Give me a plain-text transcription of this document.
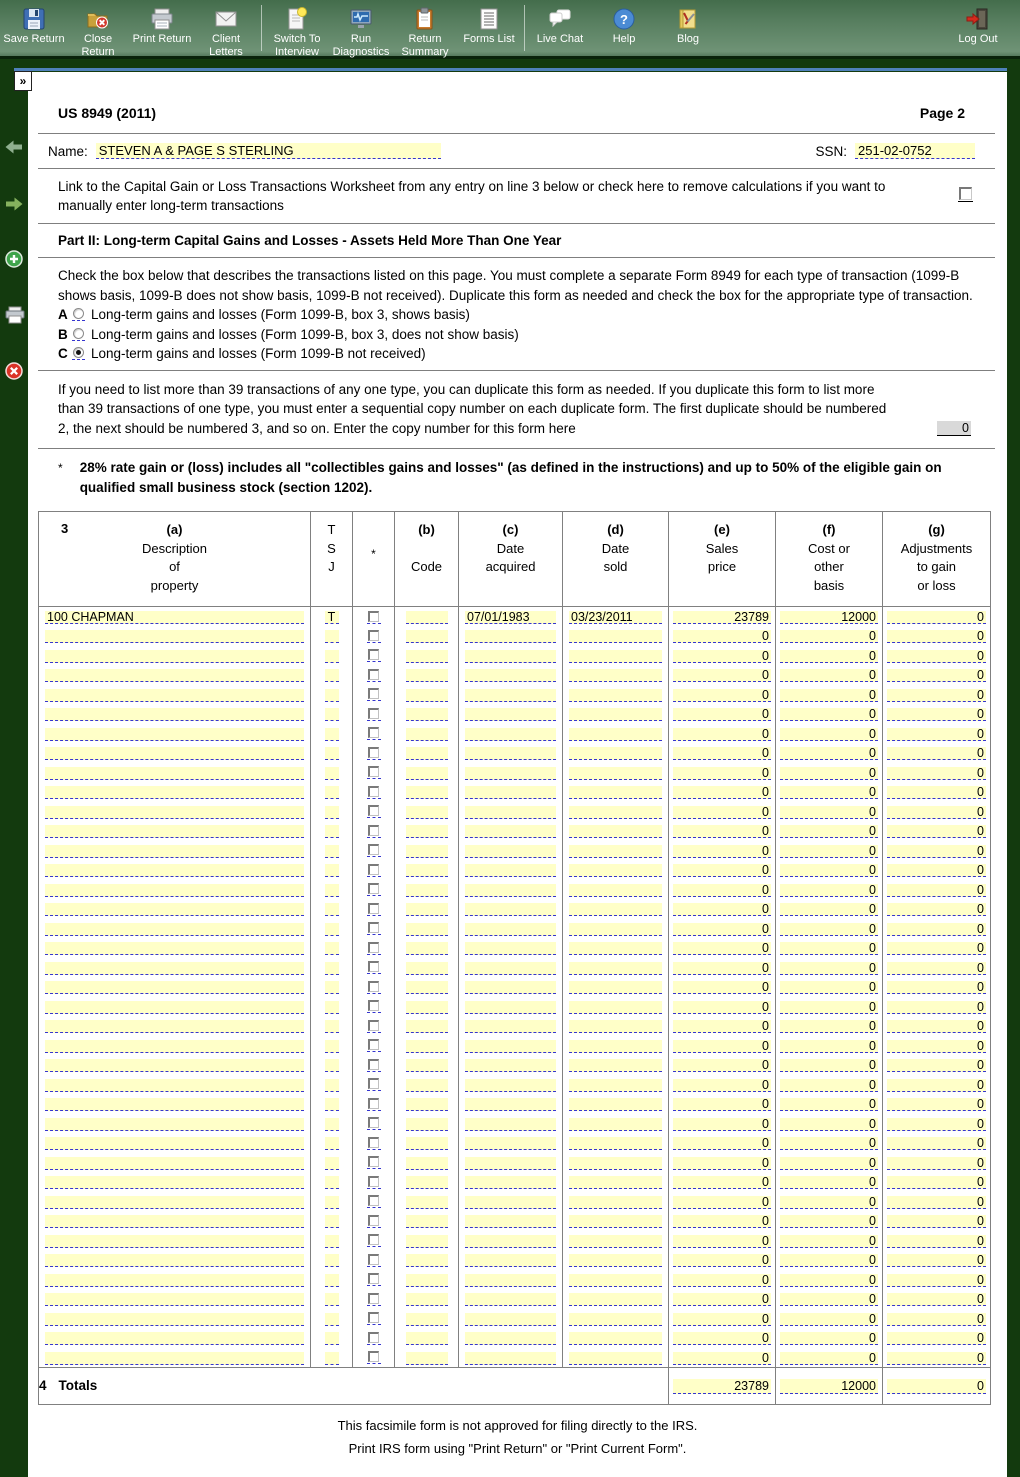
Save Return	Close Return
Print Return	Client Letters
Switch To Interview
Run Diagnostics
Return Summary
Forms List Live Chat
?
Help	Blog	Log Out
»
US 8949 (2011)	Page 2
Name: STEVEN A & PAGE S STERLING	SSN: 251-02-0752
Link to the Capital Gain or Loss Transactions Worksheet from any entry on line 3 below or check here to remove calculations if you want to manually enter long-term transactions
Part II: Long-term Capital Gains and Losses - Assets Held More Than One Year
Check the box below that describes the transactions listed on this page. You must complete a separate Form 8949 for each type of transaction (1099-B shows basis, 1099-B does not show basis, 1099-B not received). Duplicate this form as needed and check the box for the appropriate type of transaction.
A	Long-term gains and losses (Form 1099-B, box 3, shows basis)
B	Long-term gains and losses (Form 1099-B, box 3, does not show basis)
C	Long-term gains and losses (Form 1099-B not received)
If you need to list more than 39 transactions of any one type, you can duplicate this form as needed. If you duplicate this form to list more than 39 transactions of one type, you must enter a sequential copy number on each duplicate form. The first duplicate should be numbered 2, the next should be numbered 3, and so on. Enter the copy number for this form here	0
*	28% rate gain or (loss) includes all "collectibles gains and losses" (as defined in the instructions) and up to 50% of the eligible gain on qualified small business stock (section 1202).
3	(a)
Description
of
property

T
S
J

*

(b)
Code

(c)
Date
acquired

(d)
Date
sold

(e)
Sales
price

(f)
Cost or
other
basis

(g)
Adjustments
to gain
or loss

100 CHAPMAN	T			07/01/1983	03/23/2011	23789	12000	0

						0	0	0

						0	0	0

						0	0	0

						0	0	0

						0	0	0

						0	0	0

						0	0	0

						0	0	0

						0	0	0

						0	0	0

						0	0	0

						0	0	0

						0	0	0

						0	0	0

						0	0	0

						0	0	0

						0	0	0

						0	0	0

						0	0	0

						0	0	0

						0	0	0

						0	0	0

						0	0	0

						0	0	0

						0	0	0

						0	0	0

						0	0	0

						0	0	0

						0	0	0

						0	0	0

						0	0	0

						0	0	0

						0	0	0

						0	0	0

						0	0	0

						0	0	0

						0	0	0

						0	0	0

4 Totals						23789	12000	0
This facsimile form is not approved for filing directly to the IRS.
Print IRS form using "Print Return" or "Print Current Form".
